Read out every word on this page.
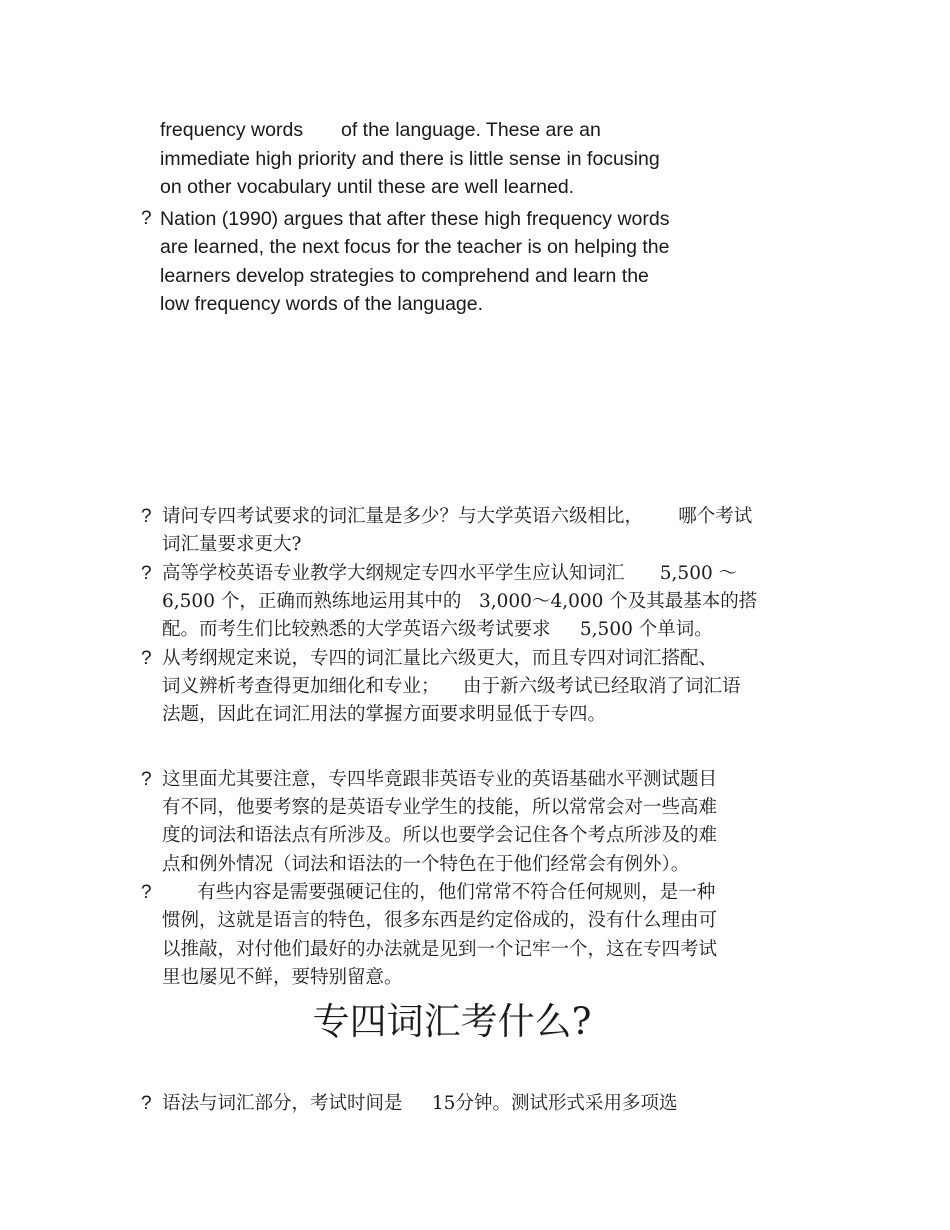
frequency words       of the language. These are an
immediate high priority and there is little sense in focusing
on other vocabulary until these are well learned.
? Nation (1990) argues that after these high frequency words
are learned, the next focus for the teacher is on helping the
learners develop strategies to comprehend and learn the
low frequency words of the language.
? 请问专四考试要求的词汇量是多少？与大学英语六级相比，      哪个考试
词汇量要求更大?
? 高等学校英语专业教学大纲规定专四水平学生应认知词汇      5,500 ～
6,500 个，正确而熟练地运用其中的   3,000～4,000 个及其最基本的搭
配。而考生们比较熟悉的大学英语六级考试要求     5,500 个单词。
? 从考纲规定来说，专四的词汇量比六级更大，而且专四对词汇搭配、
词义辨析考查得更加细化和专业；    由于新六级考试已经取消了词汇语
法题，因此在词汇用法的掌握方面要求明显低于专四。
? 这里面尤其要注意，专四毕竟跟非英语专业的英语基础水平测试题目
有不同，他要考察的是英语专业学生的技能，所以常常会对一些高难
度的词法和语法点有所涉及。所以也要学会记住各个考点所涉及的难
点和例外情况（词法和语法的一个特色在于他们经常会有例外）。
? 有些内容是需要强硬记住的，他们常常不符合任何规则，是一种
惯例，这就是语言的特色，很多东西是约定俗成的，没有什么理由可
以推敲，对付他们最好的办法就是见到一个记牢一个，这在专四考试
里也屡见不鲜，要特别留意。
专四词汇考什么?
? 语法与词汇部分，考试时间是     15分钟。测试形式采用多项选
